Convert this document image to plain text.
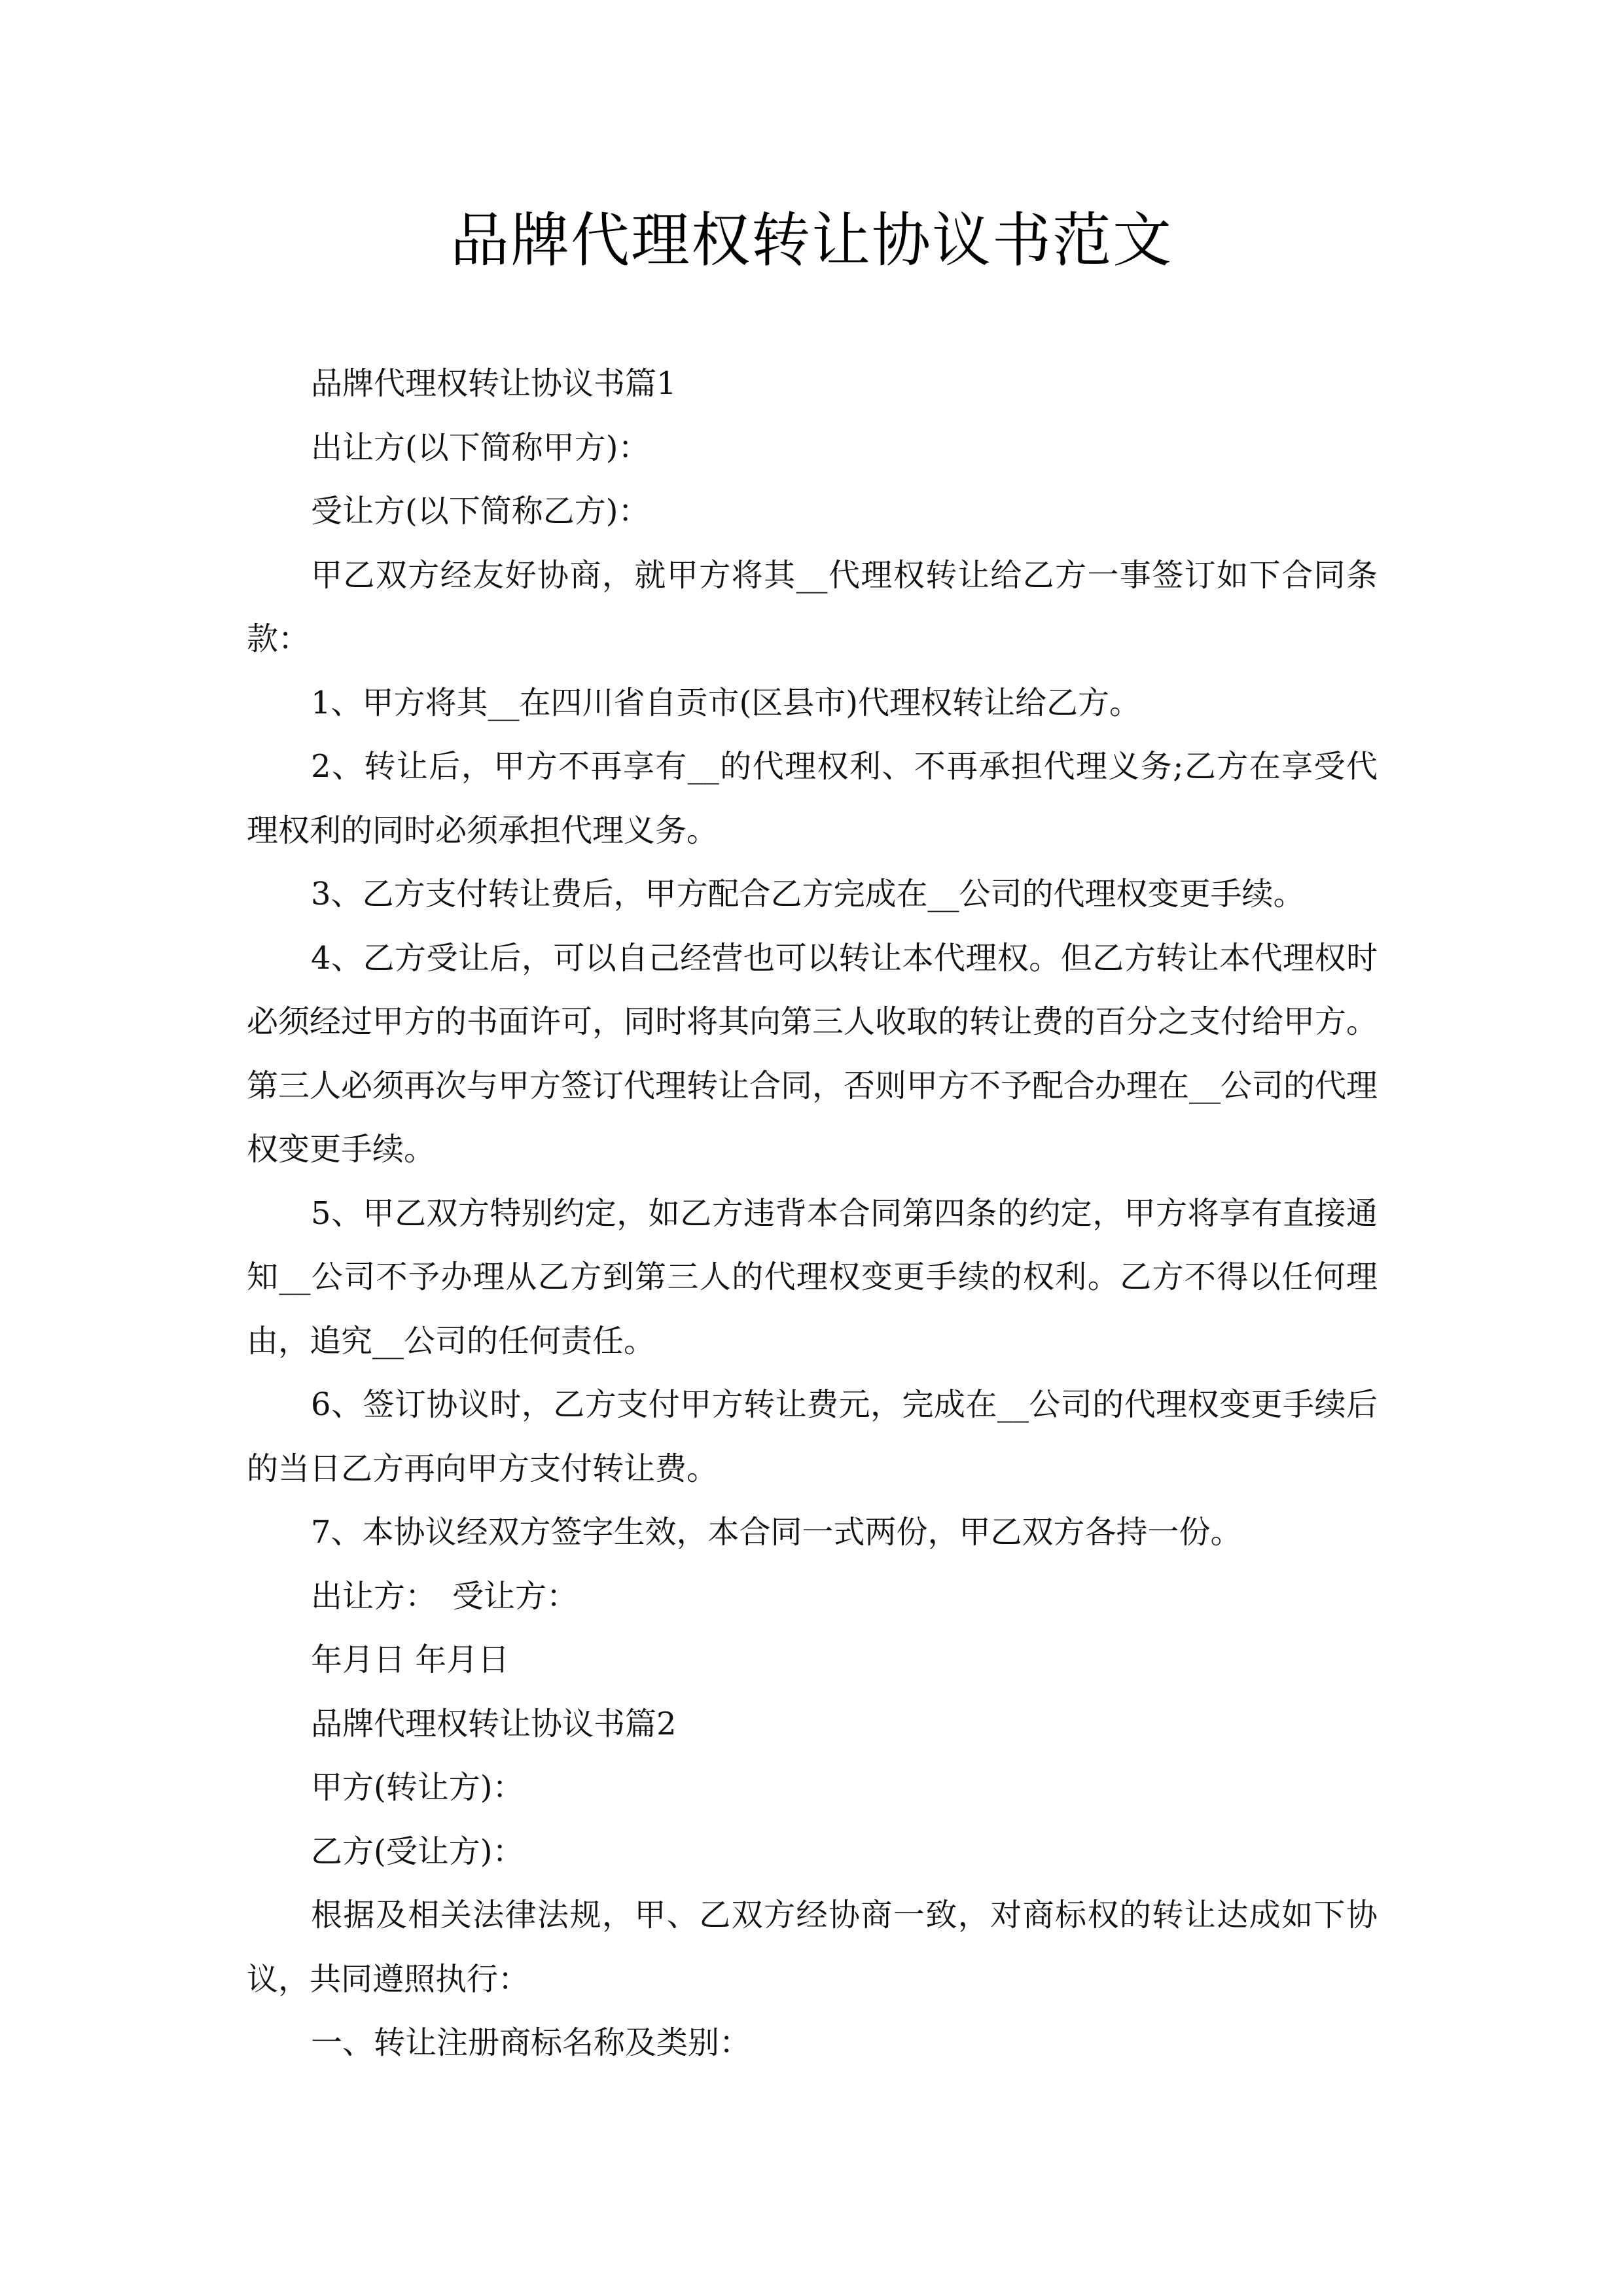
品牌代理权转让协议书范文

品牌代理权转让协议书篇1

出让方(以下简称甲方)：

受让方(以下简称乙方)：

甲乙双方经友好协商，就甲方将其__代理权转让给乙方一事签订如下合同条款：

1、甲方将其__在四川省自贡市(区县市)代理权转让给乙方。

2、转让后，甲方不再享有__的代理权利、不再承担代理义务;乙方在享受代理权利的同时必须承担代理义务。

3、乙方支付转让费后，甲方配合乙方完成在__公司的代理权变更手续。

4、乙方受让后，可以自己经营也可以转让本代理权。但乙方转让本代理权时必须经过甲方的书面许可，同时将其向第三人收取的转让费的百分之支付给甲方。第三人必须再次与甲方签订代理转让合同，否则甲方不予配合办理在__公司的代理权变更手续。

5、甲乙双方特别约定，如乙方违背本合同第四条的约定，甲方将享有直接通知__公司不予办理从乙方到第三人的代理权变更手续的权利。乙方不得以任何理由，追究__公司的任何责任。

6、签订协议时，乙方支付甲方转让费元，完成在__公司的代理权变更手续后的当日乙方再向甲方支付转让费。

7、本协议经双方签字生效，本合同一式两份，甲乙双方各持一份。

出让方：　受让方：

年月日 年月日

品牌代理权转让协议书篇2

甲方(转让方)：

乙方(受让方)：

根据及相关法律法规，甲、乙双方经协商一致，对商标权的转让达成如下协议，共同遵照执行：

一、转让注册商标名称及类别：
